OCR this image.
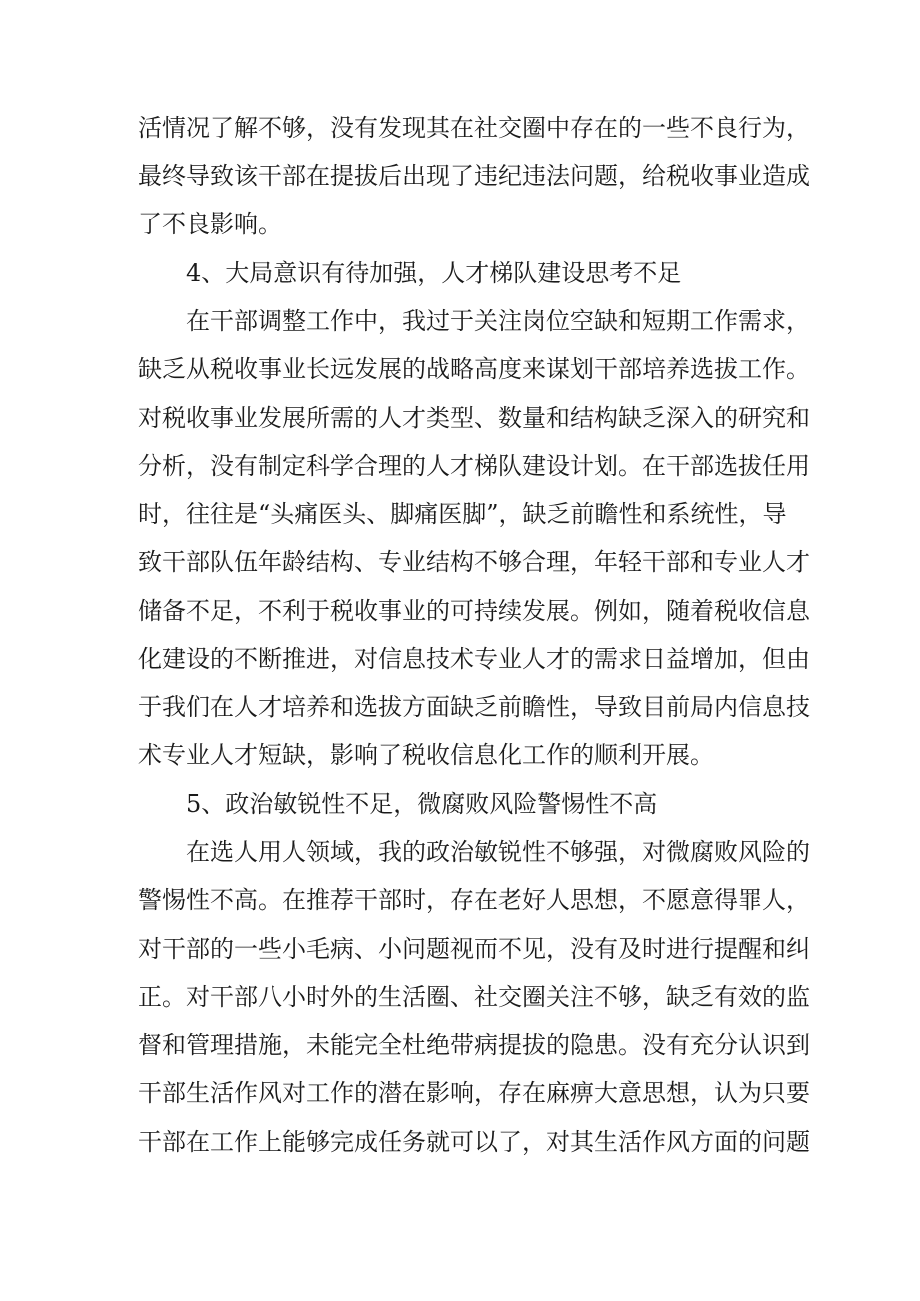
活情况了解不够，没有发现其在社交圈中存在的一些不良行为，
最终导致该干部在提拔后出现了违纪违法问题，给税收事业造成
了不良影响。
4、大局意识有待加强，人才梯队建设思考不足
在干部调整工作中，我过于关注岗位空缺和短期工作需求，
缺乏从税收事业长远发展的战略高度来谋划干部培养选拔工作。
对税收事业发展所需的人才类型、数量和结构缺乏深入的研究和
分析，没有制定科学合理的人才梯队建设计划。在干部选拔任用
时，往往是“头痛医头、脚痛医脚”，缺乏前瞻性和系统性，导
致干部队伍年龄结构、专业结构不够合理，年轻干部和专业人才
储备不足，不利于税收事业的可持续发展。例如，随着税收信息
化建设的不断推进，对信息技术专业人才的需求日益增加，但由
于我们在人才培养和选拔方面缺乏前瞻性，导致目前局内信息技
术专业人才短缺，影响了税收信息化工作的顺利开展。
5、政治敏锐性不足，微腐败风险警惕性不高
在选人用人领域，我的政治敏锐性不够强，对微腐败风险的
警惕性不高。在推荐干部时，存在老好人思想，不愿意得罪人，
对干部的一些小毛病、小问题视而不见，没有及时进行提醒和纠
正。对干部八小时外的生活圈、社交圈关注不够，缺乏有效的监
督和管理措施，未能完全杜绝带病提拔的隐患。没有充分认识到
干部生活作风对工作的潜在影响，存在麻痹大意思想，认为只要
干部在工作上能够完成任务就可以了，对其生活作风方面的问题
